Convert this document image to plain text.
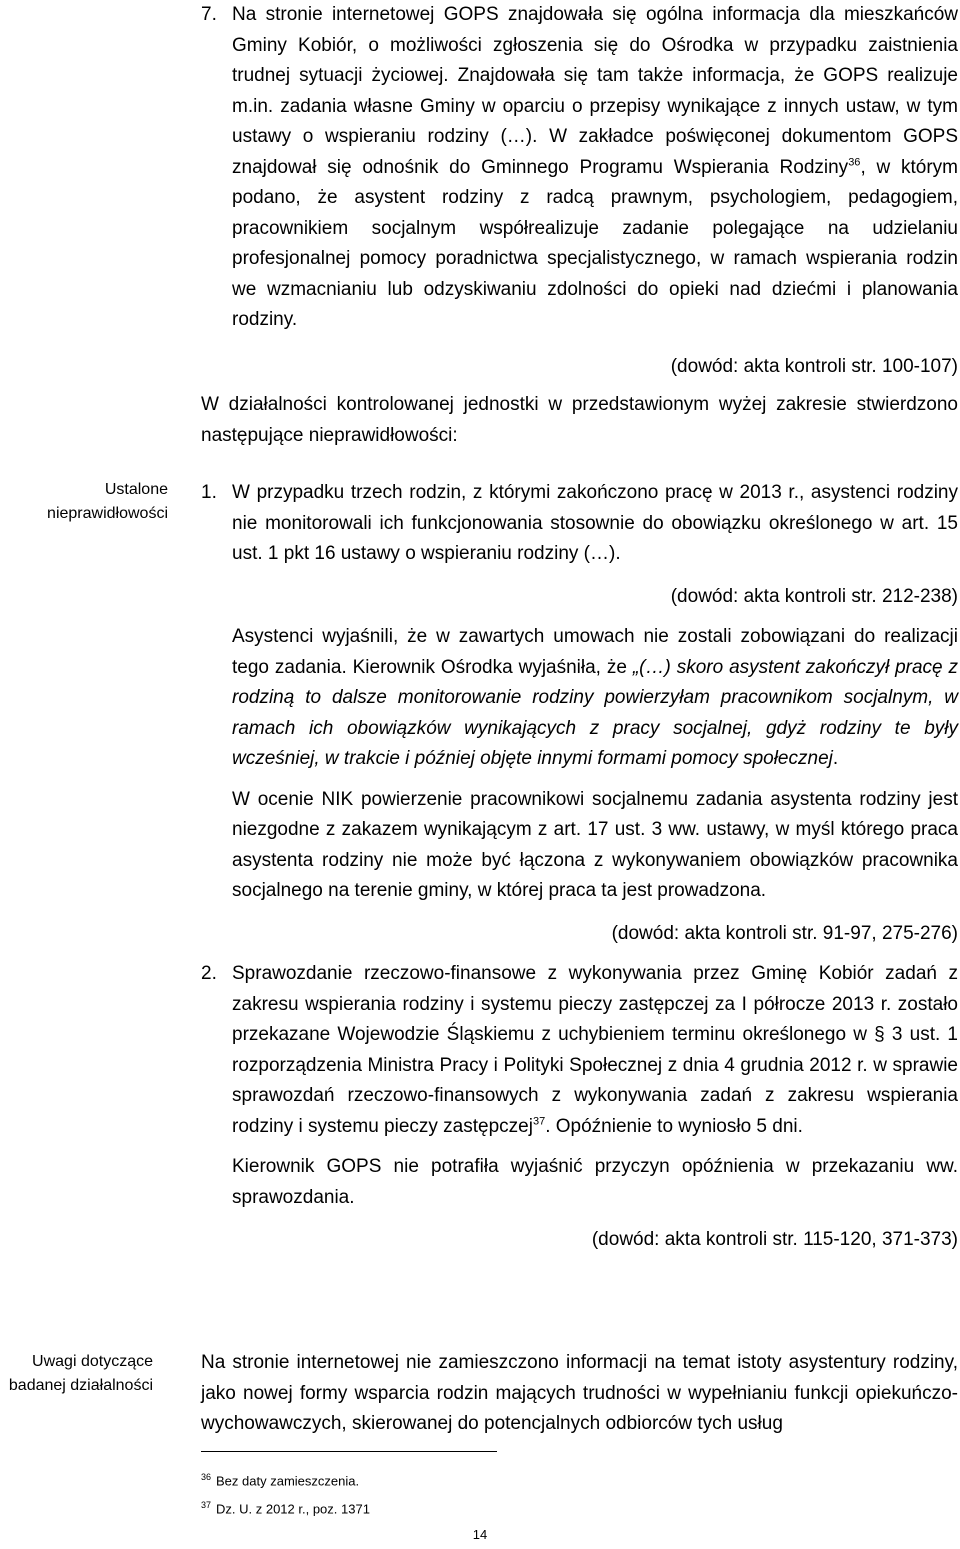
7. Na stronie internetowej GOPS znajdowała się ogólna informacja dla mieszkańców Gminy Kobiór, o możliwości zgłoszenia się do Ośrodka w przypadku zaistnienia trudnej sytuacji życiowej. Znajdowała się tam także informacja, że GOPS realizuje m.in. zadania własne Gminy w oparciu o przepisy wynikające z innych ustaw, w tym ustawy o wspieraniu rodziny (…). W zakładce poświęconej dokumentom GOPS znajdował się odnośnik do Gminnego Programu Wspierania Rodziny$^{36}$, w którym podano, że asystent rodziny z radcą prawnym, psychologiem, pedagogiem, pracownikiem socjalnym współrealizuje zadanie polegające na udzielaniu profesjonalnej pomocy poradnictwa specjalistycznego, w ramach wspierania rodzin we wzmacnianiu lub odzyskiwaniu zdolności do opieki nad dziećmi i planowania rodziny.

(dowód: akta kontroli str. 100-107)

W działalności kontrolowanej jednostki w przedstawionym wyżej zakresie stwierdzono następujące nieprawidłowości:

Ustalone nieprawidłowości
1. W przypadku trzech rodzin, z którymi zakończono pracę w 2013 r., asystenci rodziny nie monitorowali ich funkcjonowania stosownie do obowiązku określonego w art. 15 ust. 1 pkt 16 ustawy o wspieraniu rodziny (…).

(dowód: akta kontroli str. 212-238)

Asystenci wyjaśnili, że w zawartych umowach nie zostali zobowiązani do realizacji tego zadania. Kierownik Ośrodka wyjaśniła, że „(…) skoro asystent zakończył pracę z rodziną to dalsze monitorowanie rodziny powierzyłam pracownikom socjalnym, w ramach ich obowiązków wynikających z pracy socjalnej, gdyż rodziny te były wcześniej, w trakcie i później objęte innymi formami pomocy społecznej.

W ocenie NIK powierzenie pracownikowi socjalnemu zadania asystenta rodziny jest niezgodne z zakazem wynikającym z art. 17 ust. 3 ww. ustawy, w myśl którego praca asystenta rodziny nie może być łączona z wykonywaniem obowiązków pracownika socjalnego na terenie gminy, w której praca ta jest prowadzona.

(dowód: akta kontroli str. 91-97, 275-276)

2. Sprawozdanie rzeczowo-finansowe z wykonywania przez Gminę Kobiór zadań z zakresu wspierania rodziny i systemu pieczy zastępczej za I półrocze 2013 r. zostało przekazane Wojewodzie Śląskiemu z uchybieniem terminu określonego w § 3 ust. 1 rozporządzenia Ministra Pracy i Polityki Społecznej z dnia 4 grudnia 2012 r. w sprawie sprawozdań rzeczowo-finansowych z wykonywania zadań z zakresu wspierania rodziny i systemu pieczy zastępczej$^{37}$. Opóźnienie to wyniosło 5 dni.

Kierownik GOPS nie potrafiła wyjaśnić przyczyn opóźnienia w przekazaniu ww. sprawozdania.

(dowód: akta kontroli str. 115-120, 371-373)

Uwagi dotyczące badanej działalności

Na stronie internetowej nie zamieszczono informacji na temat istoty asystentury rodziny, jako nowej formy wsparcia rodzin mających trudności w wypełnianiu funkcji opiekuńczo-wychowawczych, skierowanej do potencjalnych odbiorców tych usług

$^{36}$ Bez daty zamieszczenia.
$^{37}$ Dz. U. z 2012 r., poz. 1371
14
